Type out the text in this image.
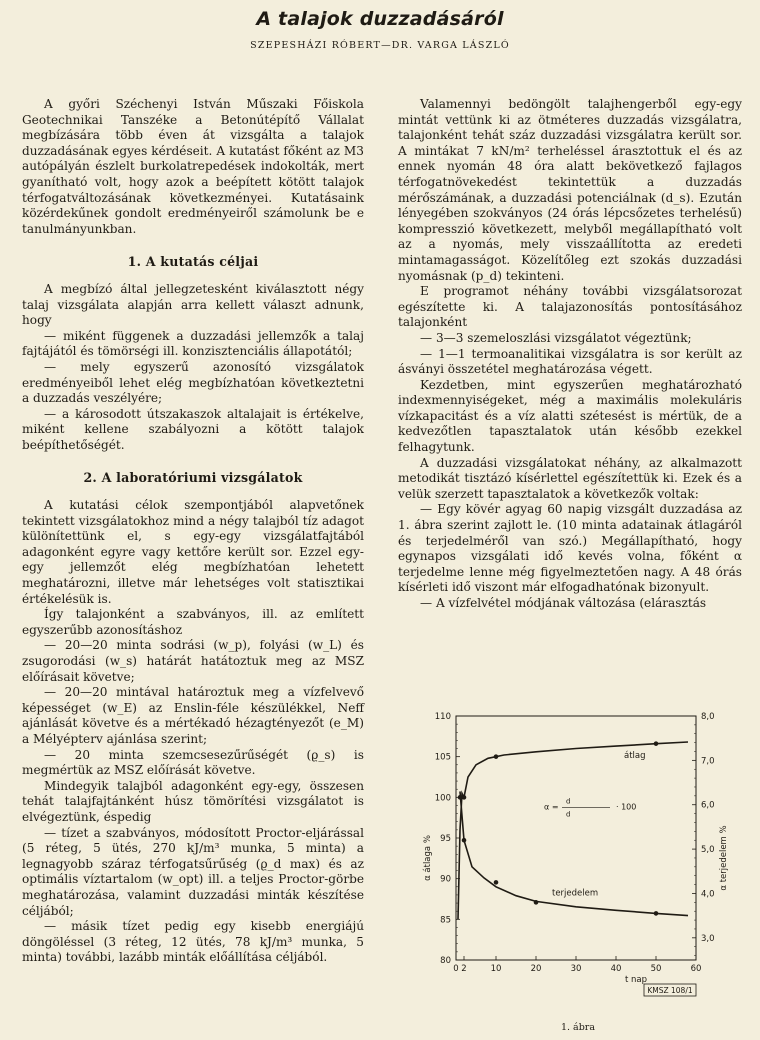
A talajok duzzadásáról
SZEPESHÁZI RÓBERT—DR. VARGA LÁSZLÓ

A győri Széchenyi István Műszaki Főiskola Geotechnikai Tanszéke a Betonútépítő Vállalat megbízására több éven át vizsgálta a talajok duzzadásának egyes kérdéseit. A kutatást főként az M3 autópályán észlelt burkolatrepedések indokolták, mert gyanítható volt, hogy azok a beépített kötött talajok térfogatváltozásának következményei. Kutatásaink közérdekűnek gondolt eredményeiről számolunk be e tanulmányunkban.

1. A kutatás céljai

A megbízó által jellegzetesként kiválasztott négy talaj vizsgálata alapján arra kellett választ adnunk, hogy

— miként függenek a duzzadási jellemzők a talaj fajtájától és tömörségi ill. konzisztenciális állapotától;

— mely egyszerű azonosító vizsgálatok eredményeiből lehet elég megbízhatóan következtetni a duzzadás veszélyére;

— a károsodott útszakaszok altalajait is értékelve, miként kellene szabályozni a kötött talajok beépíthetőségét.

2. A laboratóriumi vizsgálatok

A kutatási célok szempontjából alapvetőnek tekintett vizsgálatokhoz mind a négy talajból tíz adagot különítettünk el, s egy-egy vizsgálatfajtából adagonként egyre vagy kettőre került sor. Ezzel egy-egy jellemzőt elég megbízhatóan lehetett meghatározni, illetve már lehetséges volt statisztikai értékelésük is.

Így talajonként a szabványos, ill. az említett egyszerűbb azonosításhoz

— 20—20 minta sodrási (w_p), folyási (w_L) és zsugorodási (w_s) határát hatátoztuk meg az MSZ előírásait követve;

— 20—20 mintával határoztuk meg a vízfelvevő képességet (w_E) az Enslin-féle készülékkel, Neff ajánlását követve és a mértékadó hézagtényezőt (e_M) a Mélyépterv ajánlása szerint;

— 20 minta szemcsesezűrűségét (ϱ_s) is megmértük az MSZ előírását követve.

Mindegyik talajból adagonként egy-egy, összesen tehát talajfajtánként húsz tömörítési vizsgálatot is elvégeztünk, éspedig

— tízet a szabványos, módosított Proctor-eljárással (5 réteg, 5 ütés, 270 kJ/m³ munka, 5 minta) a legnagyobb száraz térfogatsűrűség (ϱ_d max) és az optimális víztartalom (w_opt) ill. a teljes Proctor-görbe meghatározása, valamint duzzadási minták készítése céljából;

— másik tízet pedig egy kisebb energiájú döngöléssel (3 réteg, 12 ütés, 78 kJ/m³ munka, 5 minta) további, lazább minták előállítása céljából.

Valamennyi bedöngölt talajhengerből egy-egy mintát vettünk ki az ötméteres duzzadás vizsgálatra, talajonként tehát száz duzzadási vizsgálatra került sor. A mintákat 7 kN/m² terheléssel árasztottuk el és az ennek nyomán 48 óra alatt bekövetkező fajlagos térfogatnövekedést tekintettük a duzzadás mérőszámának, a duzzadási potenciálnak (d_s). Ezután lényegében szokványos (24 órás lépcsőzetes terhelésű) kompresszió következett, melyből megállapítható volt az a nyomás, mely visszaállította az eredeti mintamagasságot. Közelítőleg ezt szokás duzzadási nyomásnak (p_d) tekinteni.

E programot néhány további vizsgálatsorozat egészítette ki. A talajazonosítás pontosításához talajonként

— 3—3 szemeloszlási vizsgálatot végeztünk;

— 1—1 termoanalitikai vizsgálatra is sor került az ásványi összetétel meghatározása végett.

Kezdetben, mint egyszerűen meghatározható indexmennyiségeket, még a maximális molekuláris vízkapacitást és a víz alatti szétesést is mértük, de a kedvezőtlen tapasztalatok után később ezekkel felhagytunk.

A duzzadási vizsgálatokat néhány, az alkalmazott metodikát tisztázó kísérlettel egészítettük ki. Ezek és a velük szerzett tapasztalatok a következők voltak:

— Egy kövér agyag 60 napig vizsgált duzzadása az 1. ábra szerint zajlott le. (10 minta adatainak átlagáról és terjedelméről van szó.) Megállapítható, hogy egynapos vizsgálati idő kevés volna, főként α terjedelme lenne még figyelmeztetően nagy. A 48 órás kísérleti idő viszont már elfogadhatónak bizonyult.

— A vízfelvétel módjának változása (elárasztás

0 2	10	20	30	40	50	60
t nap
80
85
90
95
100
105
110
3,0
4,0
5,0
6,0
7,0
8,0
α átlaga %	α terjedelem %
átlag
terjedelem
α =
d
d
· 100
KMSZ 108/1
1. ábra
